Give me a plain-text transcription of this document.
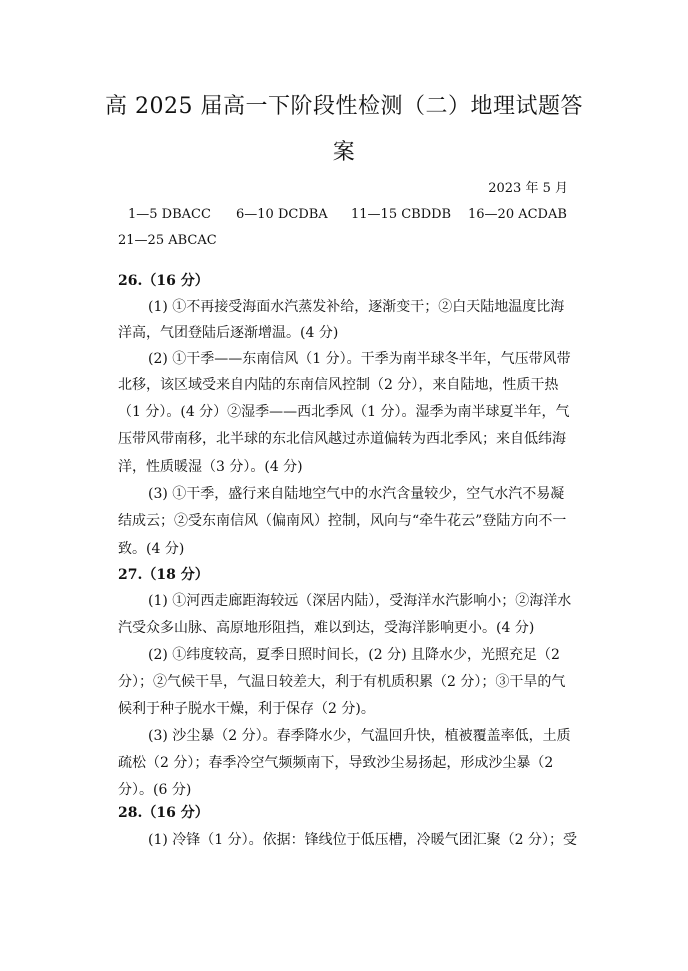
高 2025 届高一下阶段性检测（二）地理试题答
案
2023 年 5 月
1—5 DBACC 6—10 DCDBA 11—15 CBDDB 16—20 ACDAB
21—25 ABCAC
26.（16 分）
(1) ①不再接受海面水汽蒸发补给，逐渐变干；②白天陆地温度比海
洋高，气团登陆后逐渐增温。(4 分)
(2) ①干季——东南信风（1 分）。干季为南半球冬半年，气压带风带
北移，该区域受来自内陆的东南信风控制（2 分），来自陆地，性质干热
（1 分）。(4 分）②湿季——西北季风（1 分）。湿季为南半球夏半年，气
压带风带南移，北半球的东北信风越过赤道偏转为西北季风；来自低纬海
洋，性质暖湿（3 分）。(4 分)
(3) ①干季，盛行来自陆地空气中的水汽含量较少，空气水汽不易凝
结成云；②受东南信风（偏南风）控制，风向与“牵牛花云”登陆方向不一
致。(4 分)
27.（18 分）
(1) ①河西走廊距海较远（深居内陆），受海洋水汽影响小；②海洋水
汽受众多山脉、高原地形阻挡，难以到达，受海洋影响更小。(4 分)
(2) ①纬度较高，夏季日照时间长，(2 分) 且降水少，光照充足（2
分）；②气候干旱，气温日较差大，利于有机质积累（2 分）；③干旱的气
候利于种子脱水干燥，利于保存（2 分)。
(3) 沙尘暴（2 分）。春季降水少，气温回升快，植被覆盖率低，土质
疏松（2 分）；春季冷空气频频南下，导致沙尘易扬起，形成沙尘暴（2
分）。(6 分)
28.（16 分）
(1) 冷锋（1 分）。依据：锋线位于低压槽，冷暖气团汇聚（2 分）；受
